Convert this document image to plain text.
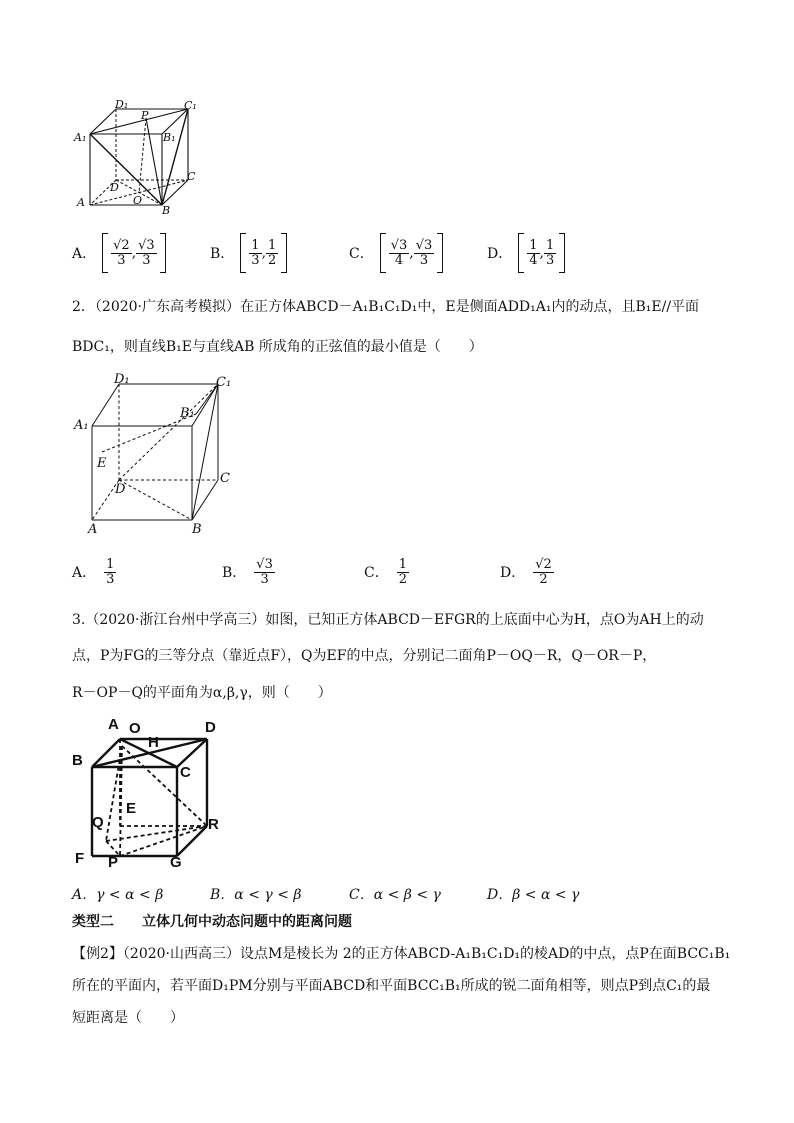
D₁
P
C₁
A₁	B₁
C
D
A	O
B
A． $\frac{√2}{3}$ , $\frac{√3}{3}$	B． $\frac{1}{3}$ , $\frac{1}{2}$	C． $\frac{√3}{4}$ , $\frac{√3}{3}$	D． $\frac{1}{4}$ , $\frac{1}{3}$
2．（2020·广东高考模拟）在正方体ABCD－A₁B₁C₁D₁中，E是侧面ADD₁A₁内的动点，且B₁E//平面
BDC₁，则直线B₁E与直线AB 所成角的正弦值的最小值是（　　）
D₁	C₁
B₁
A₁
E
D
C
A	B
A． $\frac{1}{3}$	B． $\frac{√3}{3}$	C． $\frac{1}{2}$	D． $\frac{√2}{2}$
3.（2020·浙江台州中学高三）如图，已知正方体ABCD－EFGR的上底面中心为H，点O为AH上的动
点，P为FG的三等分点（靠近点F），Q为EF的中点，分别记二面角P－OQ－R，Q－OR－P，
R－OP－Q的平面角为α,β,γ，则（　　）
A O	D
H
B
C
E
Q	R
F P	G
A．γ < α < β	B．α < γ < β	C．α < β < γ	D．β < α < γ
类型二　　立体几何中动态问题中的距离问题
【例2】（2020·山西高三）设点M是棱长为 2的正方体ABCD-A₁B₁C₁D₁的棱AD的中点，点P在面BCC₁B₁
所在的平面内，若平面D₁PM分别与平面ABCD和平面BCC₁B₁所成的锐二面角相等，则点P到点C₁的最
短距离是（　　）
